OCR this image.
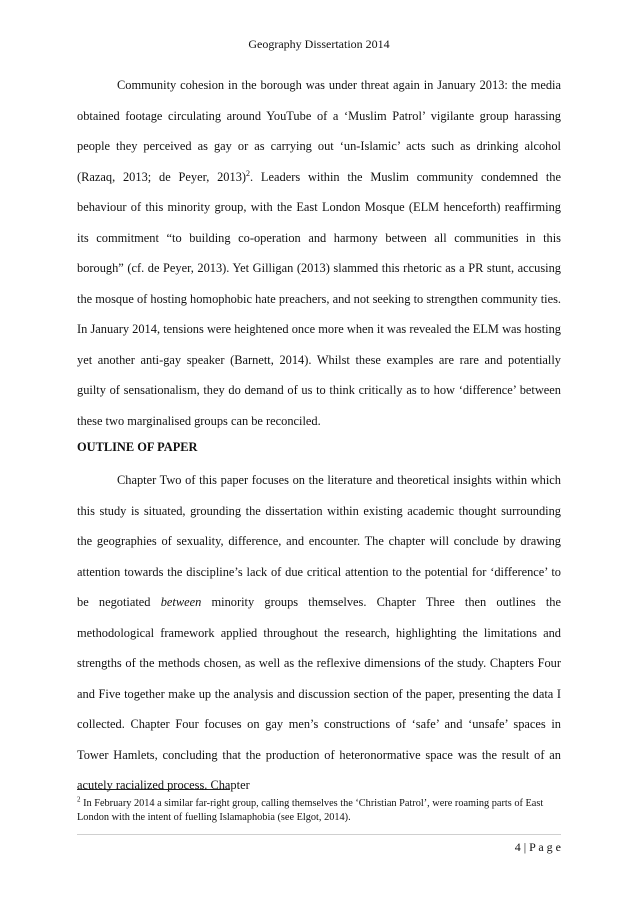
Geography Dissertation 2014
Community cohesion in the borough was under threat again in January 2013: the media obtained footage circulating around YouTube of a ‘Muslim Patrol’ vigilante group harassing people they perceived as gay or as carrying out ‘un-Islamic’ acts such as drinking alcohol (Razaq, 2013; de Peyer, 2013)$^2$. Leaders within the Muslim community condemned the behaviour of this minority group, with the East London Mosque (ELM henceforth) reaffirming its commitment “to building co-operation and harmony between all communities in this borough” (cf. de Peyer, 2013). Yet Gilligan (2013) slammed this rhetoric as a PR stunt, accusing the mosque of hosting homophobic hate preachers, and not seeking to strengthen community ties. In January 2014, tensions were heightened once more when it was revealed the ELM was hosting yet another anti-gay speaker (Barnett, 2014). Whilst these examples are rare and potentially guilty of sensationalism, they do demand of us to think critically as to how ‘difference’ between these two marginalised groups can be reconciled.
OUTLINE OF PAPER
Chapter Two of this paper focuses on the literature and theoretical insights within which this study is situated, grounding the dissertation within existing academic thought surrounding the geographies of sexuality, difference, and encounter. The chapter will conclude by drawing attention towards the discipline’s lack of due critical attention to the potential for ‘difference’ to be negotiated between minority groups themselves. Chapter Three then outlines the methodological framework applied throughout the research, highlighting the limitations and strengths of the methods chosen, as well as the reflexive dimensions of the study. Chapters Four and Five together make up the analysis and discussion section of the paper, presenting the data I collected. Chapter Four focuses on gay men’s constructions of ‘safe’ and ‘unsafe’ spaces in Tower Hamlets, concluding that the production of heteronormative space was the result of an acutely racialized process. Chapter
$^2$ In February 2014 a similar far-right group, calling themselves the ‘Christian Patrol’, were roaming parts of East London with the intent of fuelling Islamaphobia (see Elgot, 2014).
4 | P a g e
